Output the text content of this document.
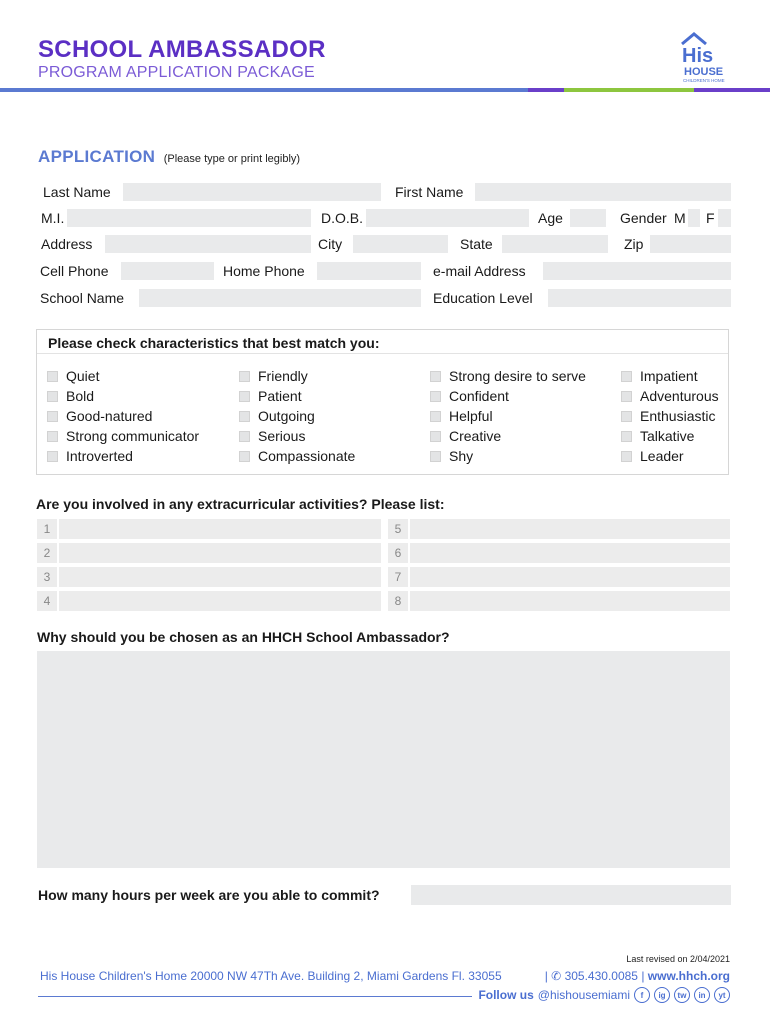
SCHOOL AMBASSADOR
PROGRAM APPLICATION PACKAGE
His
HOUSE
CHILDREN'S HOME
APPLICATION (Please type or print legibly)
Last Name	First Name
M.I.	D.O.B.	Age	Gender M F
Address	City	State	Zip
Cell Phone	Home Phone	e-mail Address
School Name	Education Level
Please check characteristics that best match you:
Quiet
Bold
Good-natured
Strong communicator
Introverted
Friendly
Patient
Outgoing
Serious
Compassionate
Strong desire to serve
Confident
Helpful
Creative
Shy
Impatient
Adventurous
Enthusiastic
Talkative
Leader
Are you involved in any extracurricular activities? Please list:
1
2
3
4
5
6
7
8
Why should you be chosen as an HHCH School Ambassador?
How many hours per week are you able to commit?
Last revised on 2/04/2021
His House Children's Home 20000 NW 47Th Ave. Building 2, Miami Gardens Fl. 33055	| ✆ 305.430.0085 | www.hhch.org
Follow us @hishousemiami	f	ig	tw	in	yt
